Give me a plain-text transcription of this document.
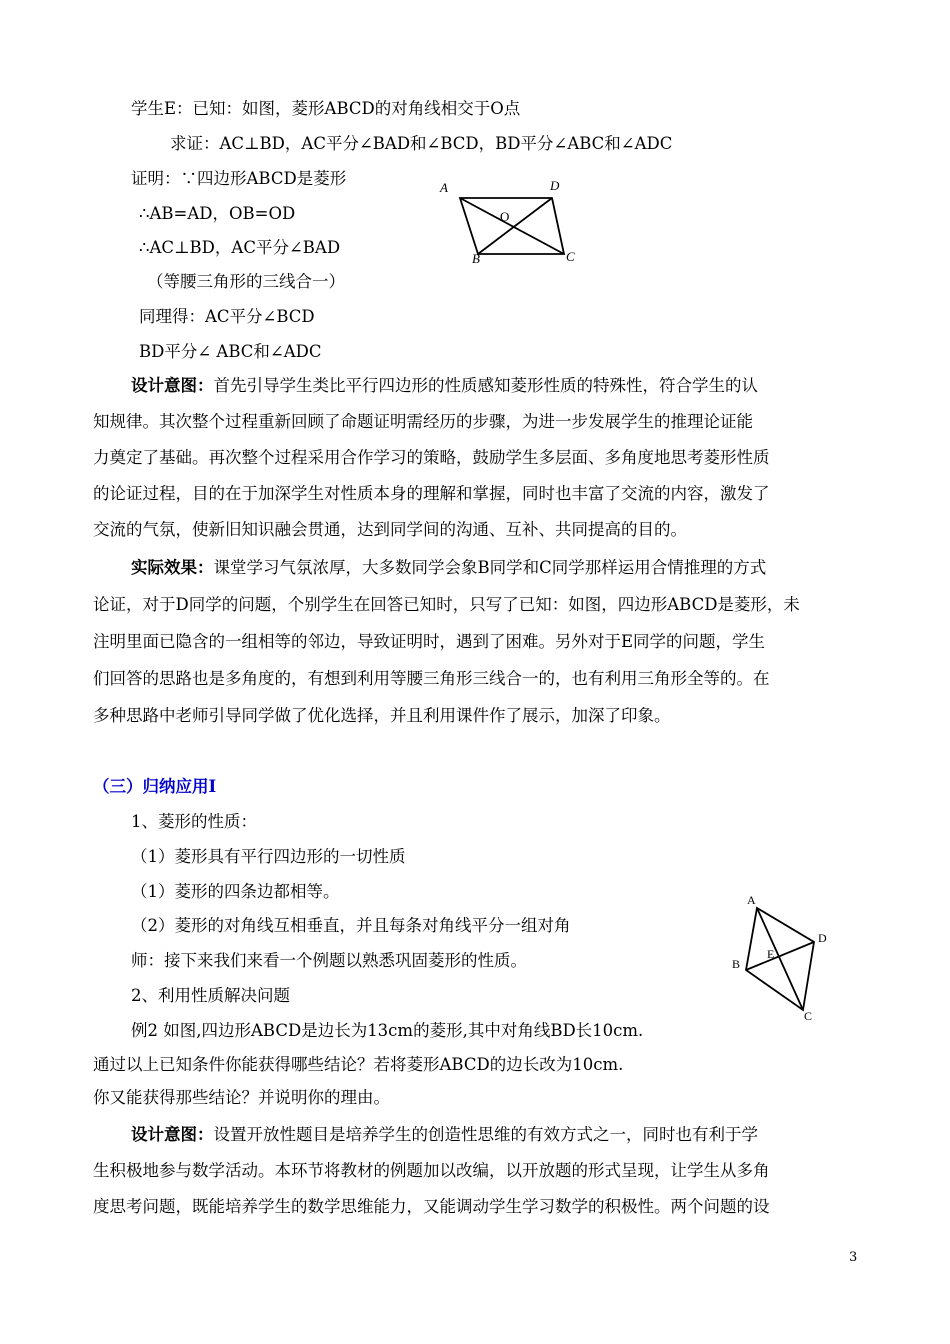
学生E：已知：如图，菱形ABCD的对角线相交于O点
求证：AC⊥BD，AC平分∠BAD和∠BCD，BD平分∠ABC和∠ADC
证明：∵四边形ABCD是菱形
∴AB=AD，OB=OD
∴AC⊥BD，AC平分∠BAD
（等腰三角形的三线合一）
同理得：AC平分∠BCD
BD平分∠ ABC和∠ADC
A	D
O
B	C
设计意图：首先引导学生类比平行四边形的性质感知菱形性质的特殊性，符合学生的认
知规律。其次整个过程重新回顾了命题证明需经历的步骤，为进一步发展学生的推理论证能
力奠定了基础。再次整个过程采用合作学习的策略，鼓励学生多层面、多角度地思考菱形性质
的论证过程，目的在于加深学生对性质本身的理解和掌握，同时也丰富了交流的内容，激发了
交流的气氛，使新旧知识融会贯通，达到同学间的沟通、互补、共同提高的目的。
实际效果：课堂学习气氛浓厚，大多数同学会象B同学和C同学那样运用合情推理的方式
论证，对于D同学的问题，个别学生在回答已知时，只写了已知：如图，四边形ABCD是菱形，未
注明里面已隐含的一组相等的邻边，导致证明时，遇到了困难。另外对于E同学的问题，学生
们回答的思路也是多角度的，有想到利用等腰三角形三线合一的，也有利用三角形全等的。在
多种思路中老师引导同学做了优化选择，并且利用课件作了展示，加深了印象。
（三）归纳应用Ⅰ
1、菱形的性质：
（1）菱形具有平行四边形的一切性质
（1）菱形的四条边都相等。
（2）菱形的对角线互相垂直，并且每条对角线平分一组对角
师：接下来我们来看一个例题以熟悉巩固菱形的性质。
2、利用性质解决问题
例2 如图,四边形ABCD是边长为13cm的菱形,其中对角线BD长10cm.
通过以上已知条件你能获得哪些结论？若将菱形ABCD的边长改为10cm.
你又能获得那些结论？并说明你的理由。
A
D
E
B
C
设计意图：设置开放性题目是培养学生的创造性思维的有效方式之一，同时也有利于学
生积极地参与数学活动。本环节将教材的例题加以改编，以开放题的形式呈现，让学生从多角
度思考问题，既能培养学生的数学思维能力，又能调动学生学习数学的积极性。两个问题的设
3
